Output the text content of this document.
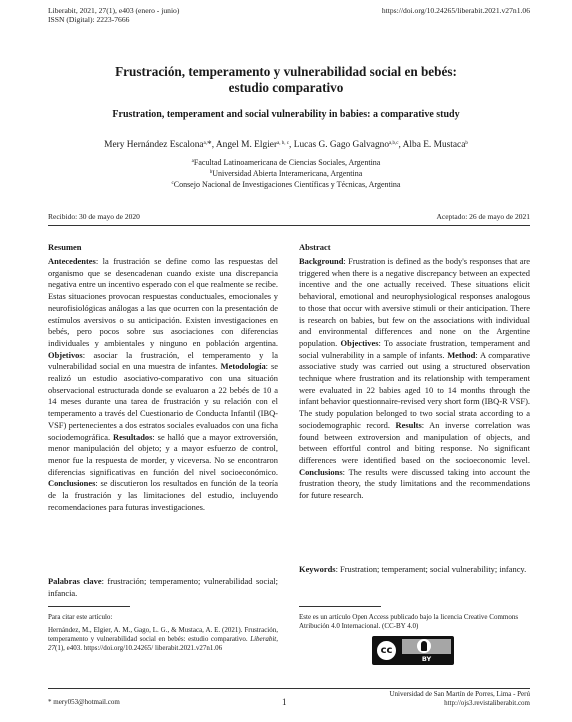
Liberabit, 2021, 27(1), e403 (enero - junio)
ISSN (Digital): 2223-7666
https://doi.org/10.24265/liberabit.2021.v27n1.06
Frustración, temperamento y vulnerabilidad social en bebés:
estudio comparativo
Frustration, temperament and social vulnerability in babies: a comparative study
Mery Hernández Escalona$^{a,}$*, Angel M. Elgier$^{a, b, c}$, Lucas G. Gago Galvagno$^{a,b,c}$, Alba E. Mustaca$^b$
$^a$Facultad Latinoamericana de Ciencias Sociales, Argentina
$^b$Universidad Abierta Interamericana, Argentina
$^c$Consejo Nacional de Investigaciones Científicas y Técnicas, Argentina
Recibido: 30 de mayo de 2020	Aceptado: 26 de mayo de 2021
Resumen
Antecedentes: la frustración se define como las respuestas del organismo que se desencadenan cuando existe una discrepancia negativa entre un incentivo esperado con el que realmente se recibe. Estas situaciones provocan respuestas conductuales, emocionales y neurofisiológicas análogas a las que ocurren con la presentación de estímulos aversivos o su anticipación. Existen investigaciones en bebés, pero pocos sobre sus asociaciones con diferencias individuales y ambientales y ninguno en población argentina. Objetivos: asociar la frustración, el temperamento y la vulnerabilidad social en una muestra de infantes. Metodología: se realizó un estudio asociativo-comparativo con una situación observacional estructurada donde se evaluaron a 22 bebés de 10 a 14 meses durante una tarea de frustración y su relación con el temperamento a través del Cuestionario de Conducta Infantil (IBQ-VSF) pertenecientes a dos estratos sociales evaluados con una ficha sociodemográfica. Resultados: se halló que a mayor extroversión, menor manipulación del objeto; y a mayor esfuerzo de control, menor fue la respuesta de morder, y viceversa. No se encontraron diferencias significativas en función del nivel socioeconómico. Conclusiones: se discutieron los resultados en función de la teoría de la frustración y las limitaciones del estudio, incluyendo recomendaciones para futuras investigaciones.
Palabras clave: frustración; temperamento; vulnerabilidad social; infancia.
Abstract
Background: Frustration is defined as the body's responses that are triggered when there is a negative discrepancy between an expected incentive and the one actually received. These situations elicit behavioral, emotional and neurophysiological responses analogous to those that occur with aversive stimuli or their anticipation. There is research on babies, but few on the associations with individual and environmental differences and none on the Argentine population. Objectives: To associate frustration, temperament and social vulnerability in a sample of infants. Method: A comparative associative study was carried out using a structured observation technique where frustration and its relationship with temperament were evaluated in 22 babies aged 10 to 14 months through the infant behavior questionnaire-revised very short form (IBQ-R VSF). The study population belonged to two social strata according to a sociodemographic record. Results: An inverse correlation was found between extroversion and manipulation of objects, and between effortful control and biting response. No significant differences were identified based on the socioeconomic level. Conclusions: The results were discussed taking into account the frustration theory, the study limitations and the recommendations for future research.
Keywords: Frustration; temperament; social vulnerability; infancy.
Para citar este artículo:
Hernández, M., Elgier, A. M., Gago, L. G., & Mustaca, A. E. (2021). Frustración, temperamento y vulnerabilidad social en bebés: estudio comparativo. Liberabit, 27(1), e403. https://doi.org/10.24265/ liberabit.2021.v27n1.06
Este es un artículo Open Access publicado bajo la licencia Creative Commons Atribución 4.0 Internacional. (CC-BY 4.0)
cc
BY
* mery053@hotmail.com	1
Universidad de San Martín de Porres, Lima - Perú
http://ojs3.revistaliberabit.com
